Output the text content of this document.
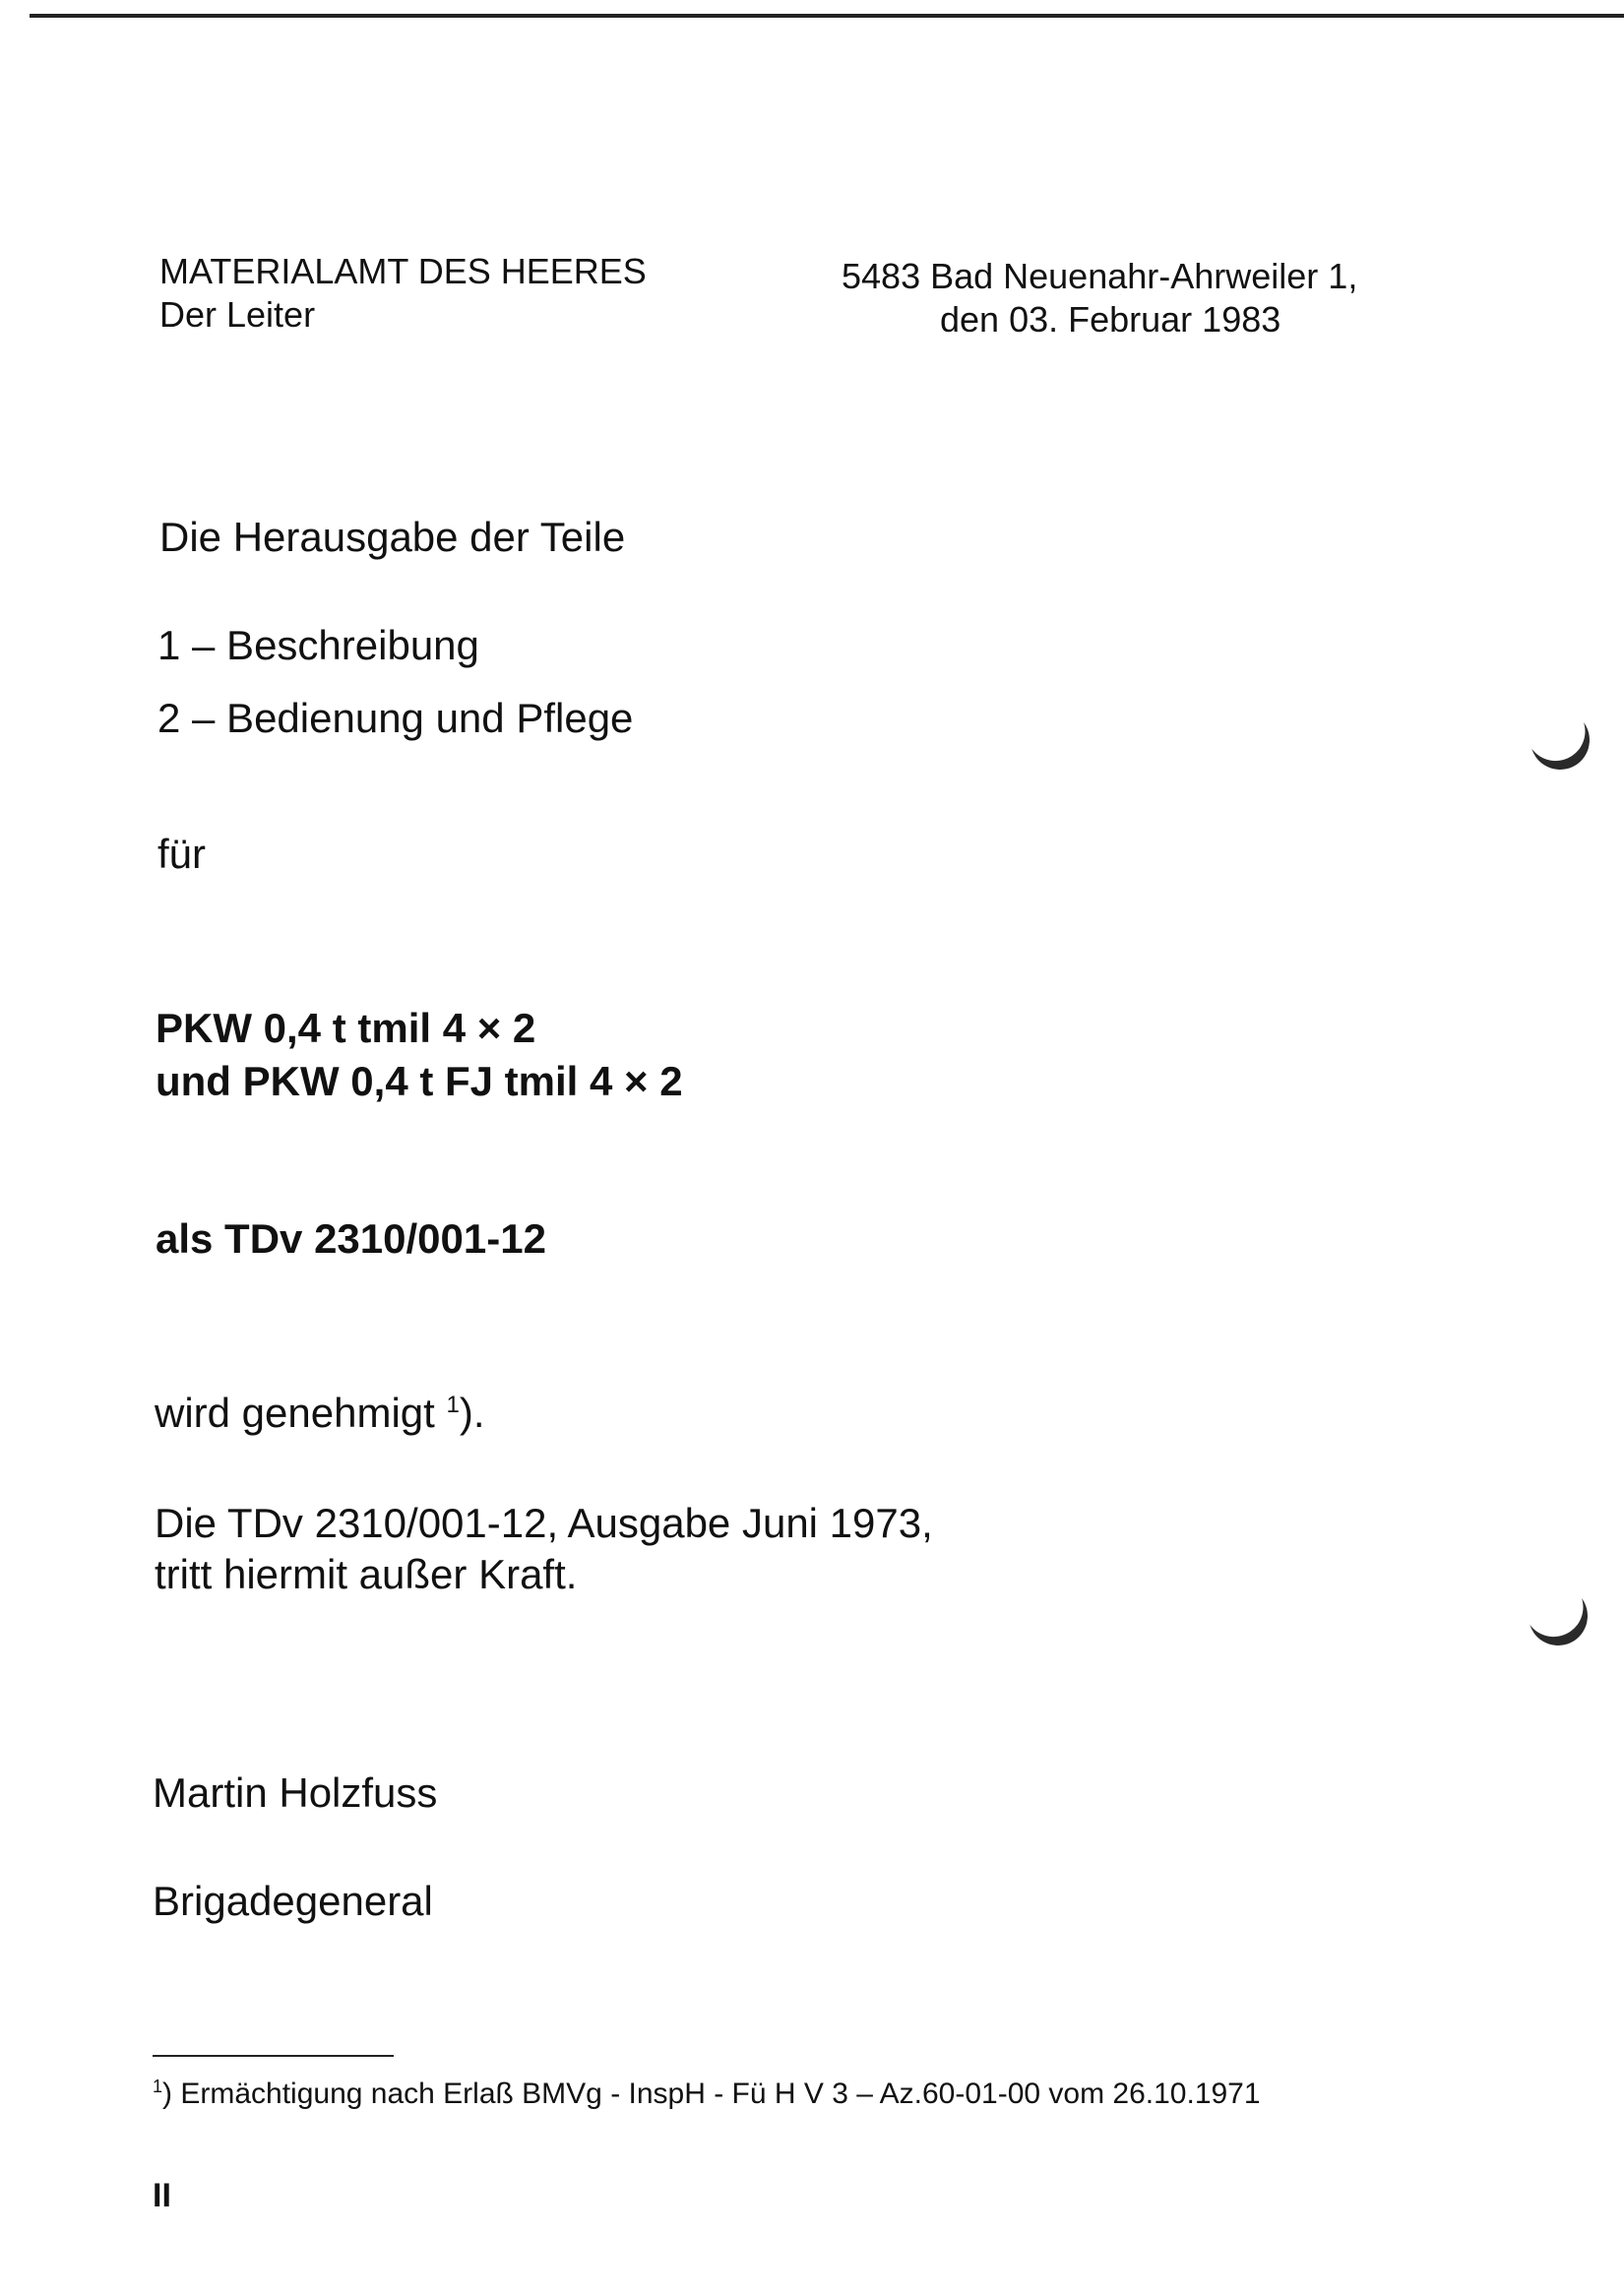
MATERIALAMT DES HEERES
Der Leiter
5483 Bad Neuenahr-Ahrweiler 1,
den 03. Februar 1983
Die Herausgabe der Teile
1 – Beschreibung
2 – Bedienung und Pflege
für
PKW 0,4 t tmil 4 × 2
und PKW 0,4 t FJ tmil 4 × 2
als TDv 2310/001-12
wird genehmigt $^1$).
Die TDv 2310/001-12, Ausgabe Juni 1973,
tritt hiermit außer Kraft.
Martin Holzfuss
Brigadegeneral
$^1$) Ermächtigung nach Erlaß BMVg - InspH - Fü H V 3 – Az.60-01-00 vom 26.10.1971
II
